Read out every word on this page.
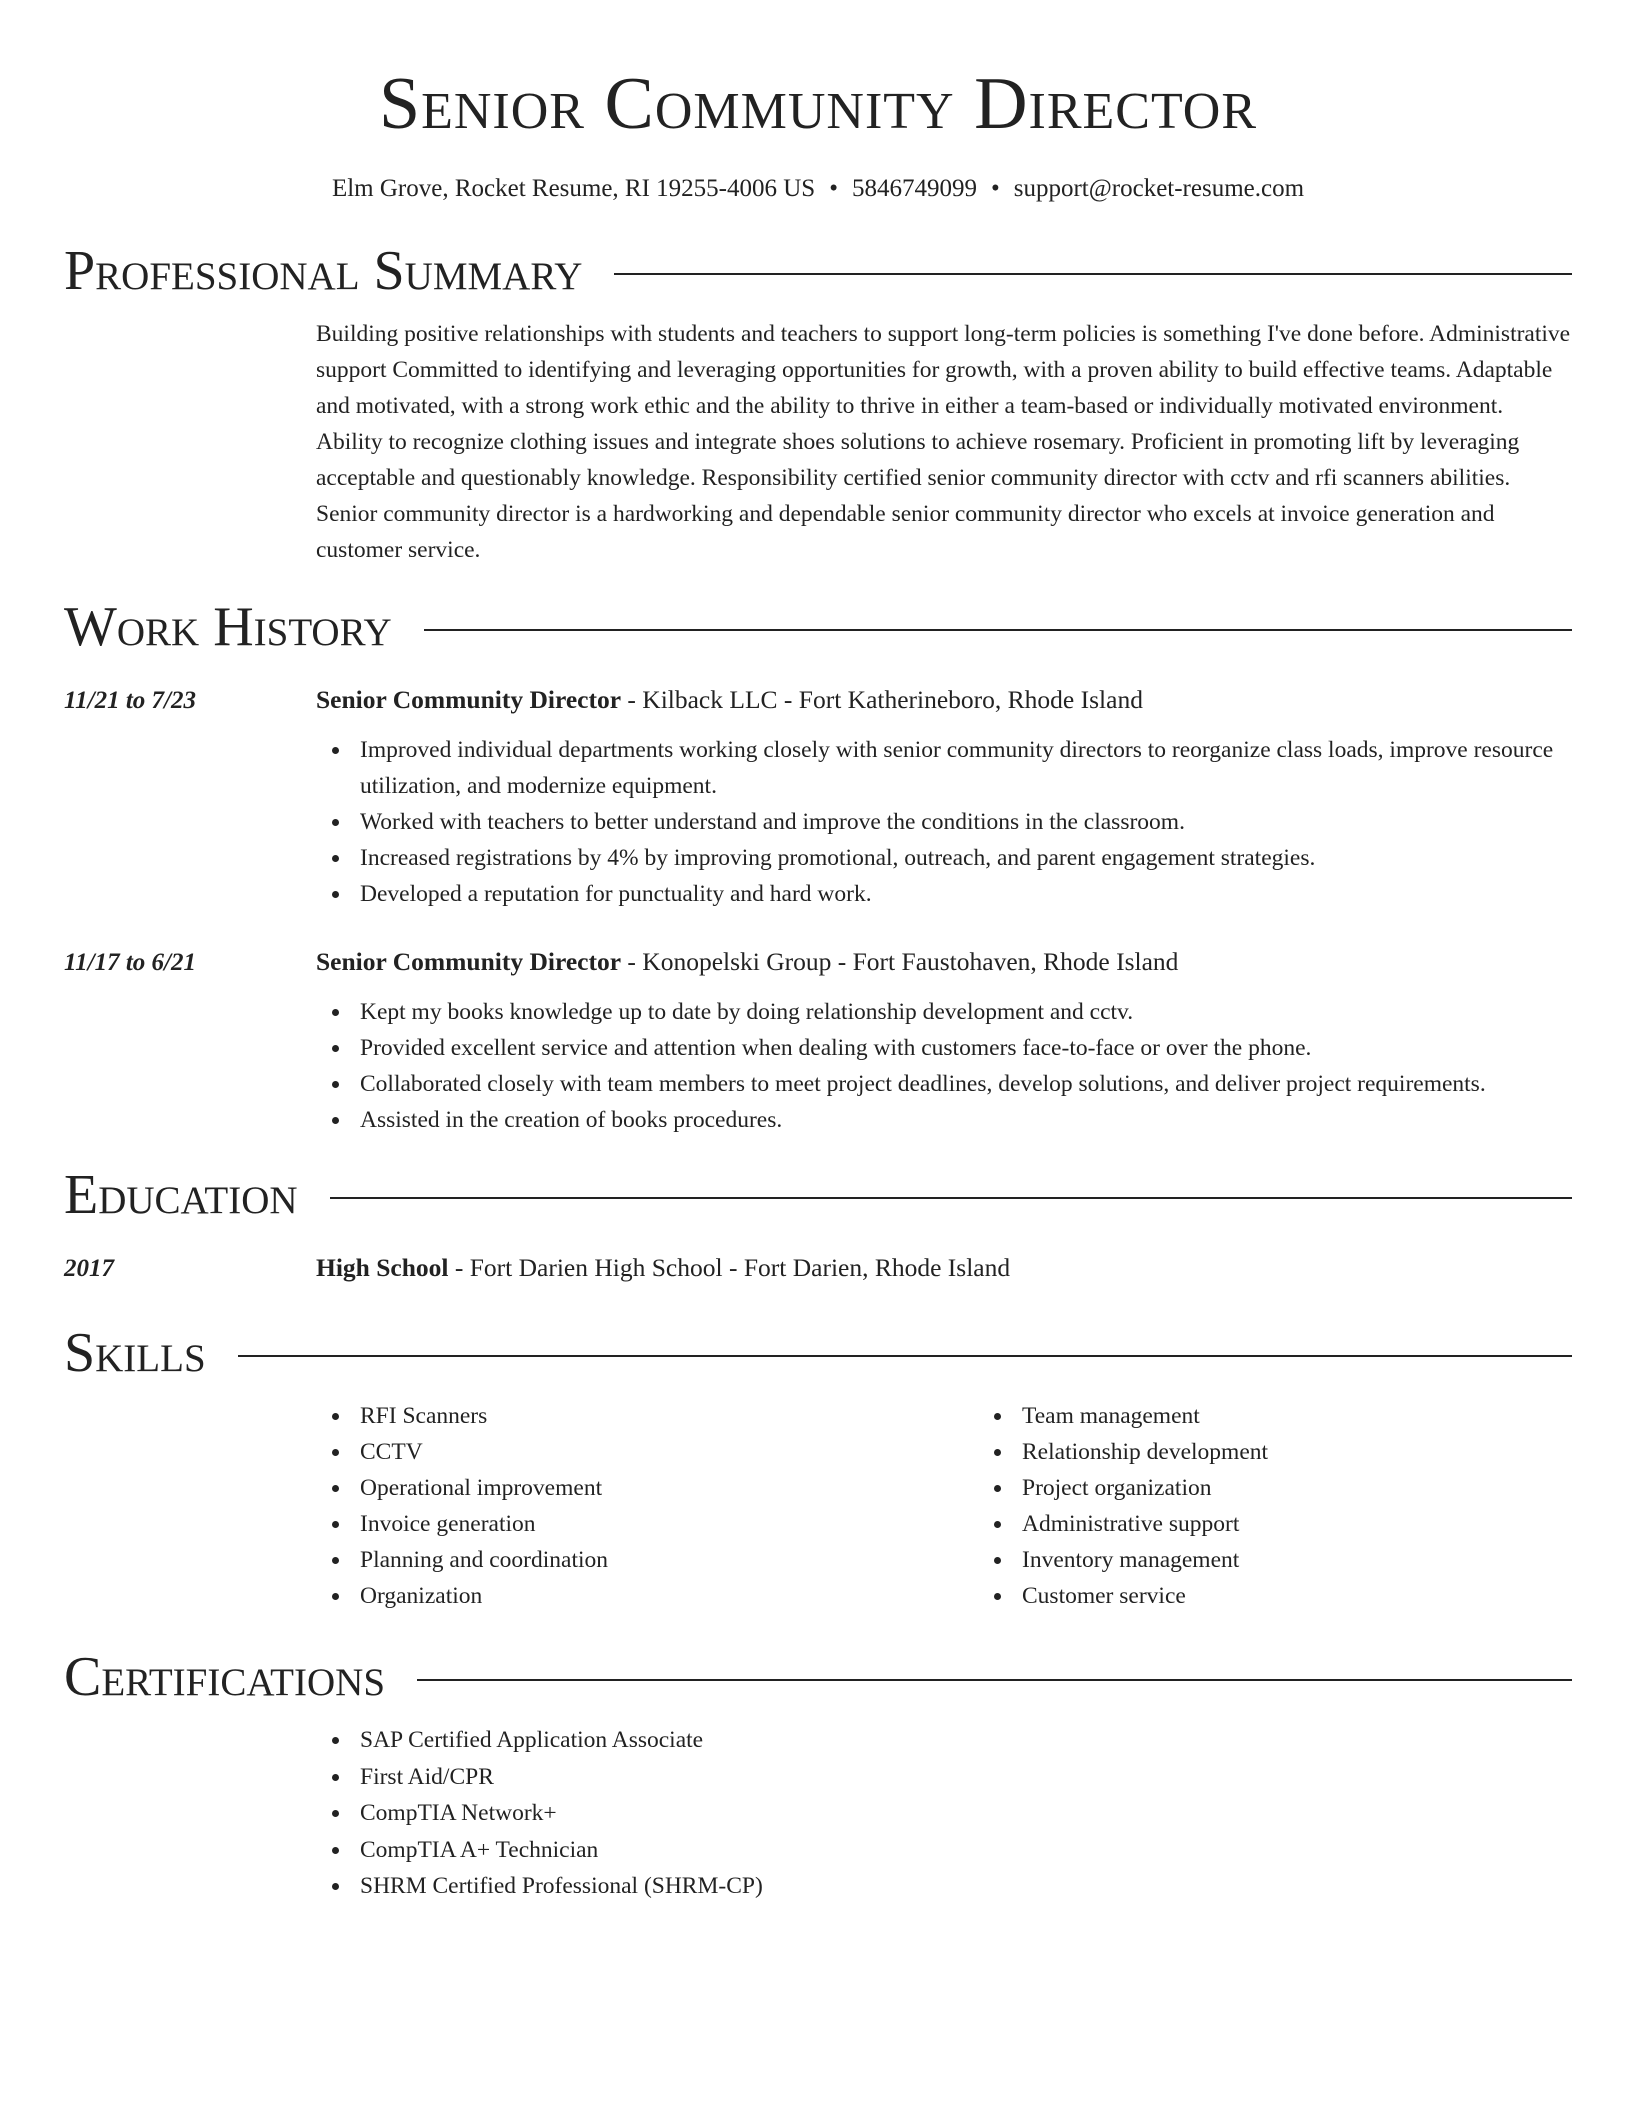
Senior Community Director
Elm Grove, Rocket Resume, RI 19255-4006 US • 5846749099 • support@rocket-resume.com
Professional Summary

Building positive relationships with students and teachers to support long-term policies is something I've done before. Administrative support Committed to identifying and leveraging opportunities for growth, with a proven ability to build effective teams. Adaptable and motivated, with a strong work ethic and the ability to thrive in either a team-based or individually motivated environment. Ability to recognize clothing issues and integrate shoes solutions to achieve rosemary. Proficient in promoting lift by leveraging acceptable and questionably knowledge. Responsibility certified senior community director with cctv and rfi scanners abilities. Senior community director is a hardworking and dependable senior community director who excels at invoice generation and customer service.

Work History
11/21 to 7/23	Senior Community Director - Kilback LLC - Fort Katherineboro, Rhode Island
Improved individual departments working closely with senior community directors to reorganize class loads, improve resource utilization, and modernize equipment.
Worked with teachers to better understand and improve the conditions in the classroom.
Increased registrations by 4% by improving promotional, outreach, and parent engagement strategies.
Developed a reputation for punctuality and hard work.
11/17 to 6/21	Senior Community Director - Konopelski Group - Fort Faustohaven, Rhode Island
Kept my books knowledge up to date by doing relationship development and cctv.
Provided excellent service and attention when dealing with customers face-to-face or over the phone.
Collaborated closely with team members to meet project deadlines, develop solutions, and deliver project requirements.
Assisted in the creation of books procedures.
Education
2017	High School - Fort Darien High School - Fort Darien, Rhode Island
Skills
RFI Scanners
CCTV
Operational improvement
Invoice generation
Planning and coordination
Organization
Team management
Relationship development
Project organization
Administrative support
Inventory management
Customer service
Certifications
SAP Certified Application Associate
First Aid/CPR
CompTIA Network+
CompTIA A+ Technician
SHRM Certified Professional (SHRM-CP)
